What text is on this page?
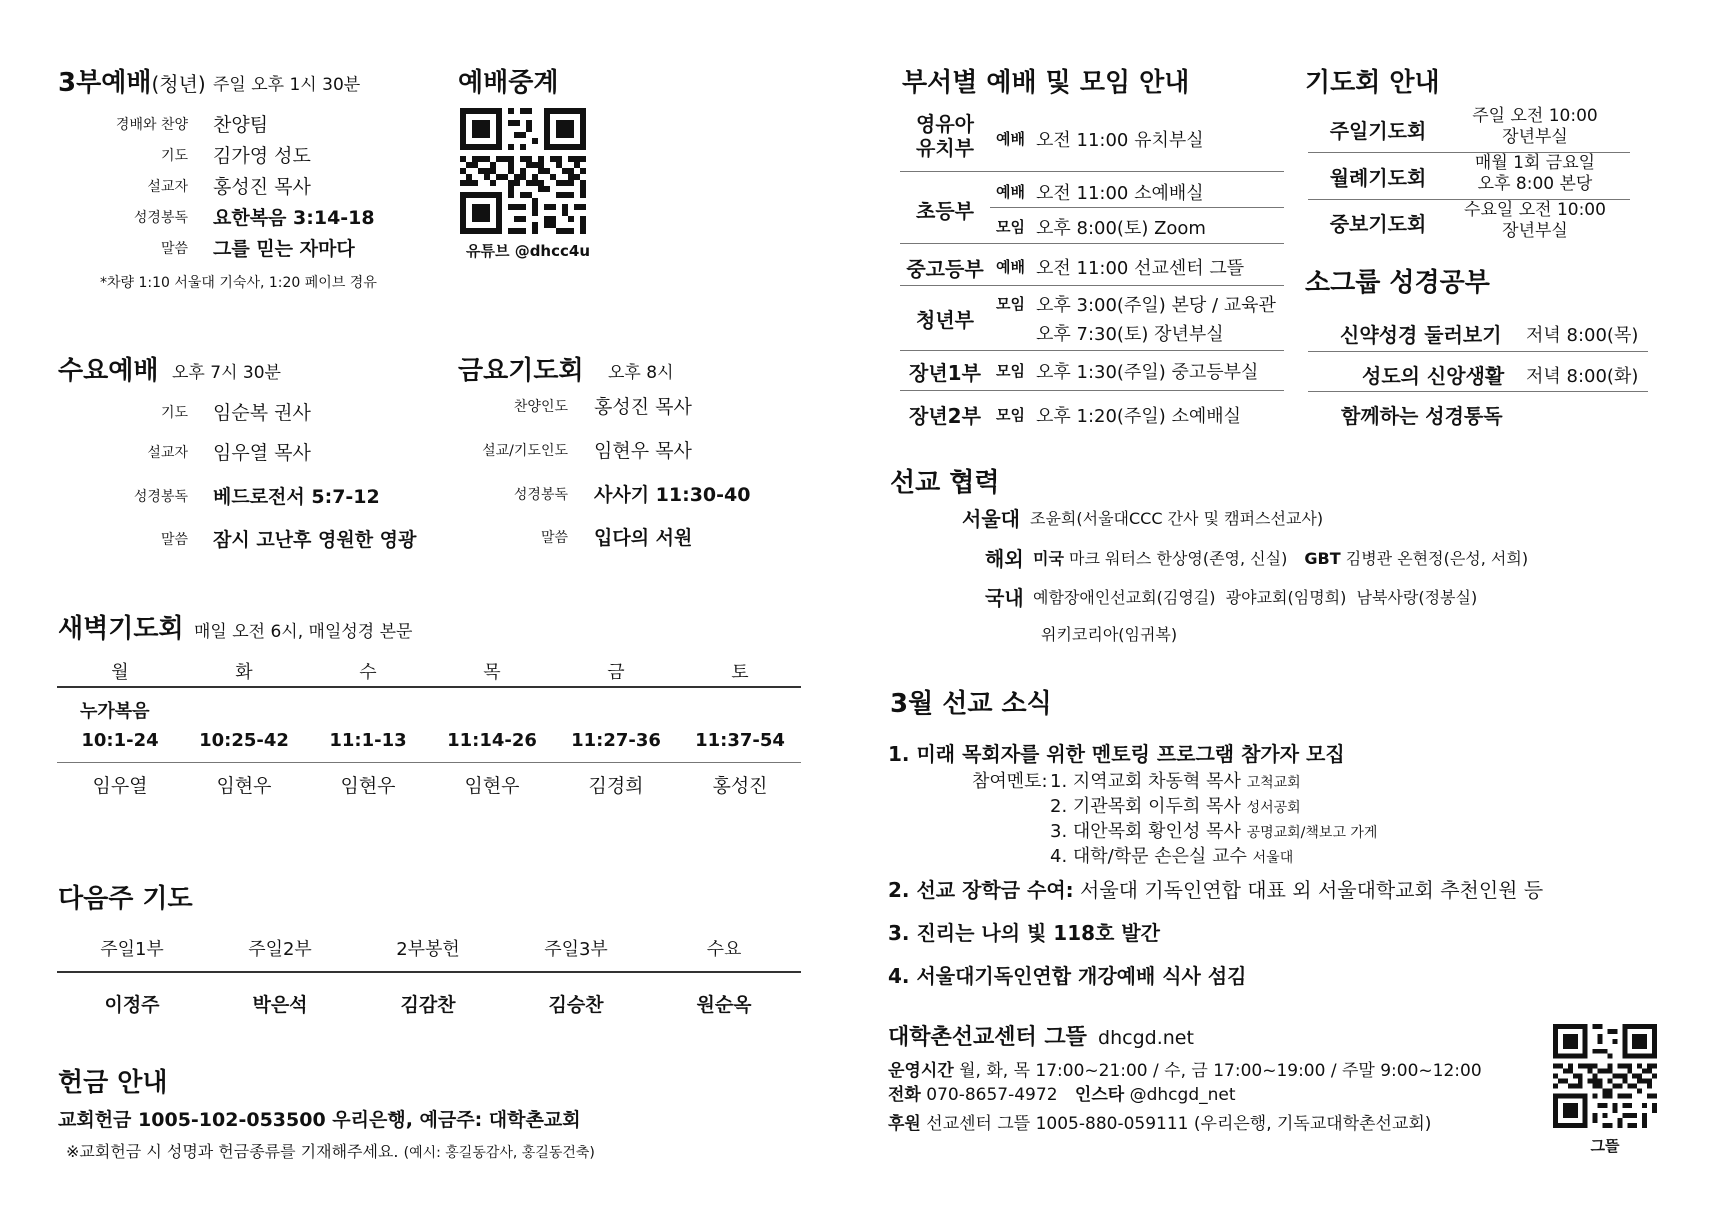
3부예배(청년) 주일 오후 1시 30분
경배와 찬양 찬양팀
기도 김가영 성도
설교자 홍성진 목사
성경봉독 요한복음 3:14-18
말씀 그를 믿는 자마다
*차량 1:10 서울대 기숙사, 1:20 페이브 경유
예배중계
유튜브 @dhcc4u
수요예배 오후 7시 30분
기도 임순복 권사
설교자 임우열 목사
성경봉독 베드로전서 5:7-12
말씀 잠시 고난후 영원한 영광
금요기도회 오후 8시
찬양인도 홍성진 목사
설교/기도인도 임현우 목사
성경봉독 사사기 11:30-40
말씀 입다의 서원
새벽기도회 매일 오전 6시, 매일성경 본문
월	화	수	목	금	토
누가복음
10:1-24	10:25-42	11:1-13	11:14-26	11:27-36	11:37-54
임우열	임현우	임현우	임현우	김경희	홍성진
다음주 기도
주일1부	주일2부	2부봉헌	주일3부	수요
이정주	박은석	김감찬	김승찬	원순옥
헌금 안내
교회헌금 1005-102-053500 우리은행, 예금주: 대학촌교회
※교회헌금 시 성명과 헌금종류를 기재해주세요. (예시: 홍길동감사, 홍길동건축)
부서별 예배 및 모임 안내
영유아
유치부	예배 오전 11:00 유치부실
초등부
예배 오전 11:00 소예배실
모임 오후 8:00(토) Zoom
중고등부 예배 오전 11:00 선교센터 그뜰
청년부
모임 오후 3:00(주일) 본당 / 교육관
오후 7:30(토) 장년부실
장년1부	모임 오후 1:30(주일) 중고등부실
장년2부	모임 오후 1:20(주일) 소예배실
기도회 안내
주일기도회
주일 오전 10:00
장년부실
월례기도회
매월 1회 금요일
오후 8:00 본당
중보기도회
수요일 오전 10:00
장년부실
소그룹 성경공부
신약성경 둘러보기 저녁 8:00(목)
성도의 신앙생활 저녁 8:00(화)
함께하는 성경통독
선교 협력
서울대 조윤희(서울대CCC 간사 및 캠퍼스선교사)
해외 미국 마크 워터스 한상영(존영, 신실) GBT 김병관 온현정(은성, 서희)
국내 예함장애인선교회(김영길)  광야교회(임명희)  남북사랑(정봉실)
위키코리아(임귀복)
3월 선교 소식
1. 미래 목회자를 위한 멘토링 프로그램 참가자 모집
참여멘토: 1. 지역교회 차동혁 목사 고척교회
2. 기관목회 이두희 목사 성서공회
3. 대안목회 황인성 목사 공명교회/책보고 가게
4. 대학/학문 손은실 교수 서울대
2. 선교 장학금 수여: 서울대 기독인연합 대표 외 서울대학교회 추천인원 등
3. 진리는 나의 빛 118호 발간
4. 서울대기독인연합 개강예배 식사 섬김
대학촌선교센터 그뜰 dhcgd.net
운영시간 월, 화, 목 17:00~21:00 / 수, 금 17:00~19:00 / 주말 9:00~12:00
전화 070-8657-4972 인스타 @dhcgd_net
후원 선교센터 그뜰 1005-880-059111 (우리은행, 기독교대학촌선교회)
그뜰
